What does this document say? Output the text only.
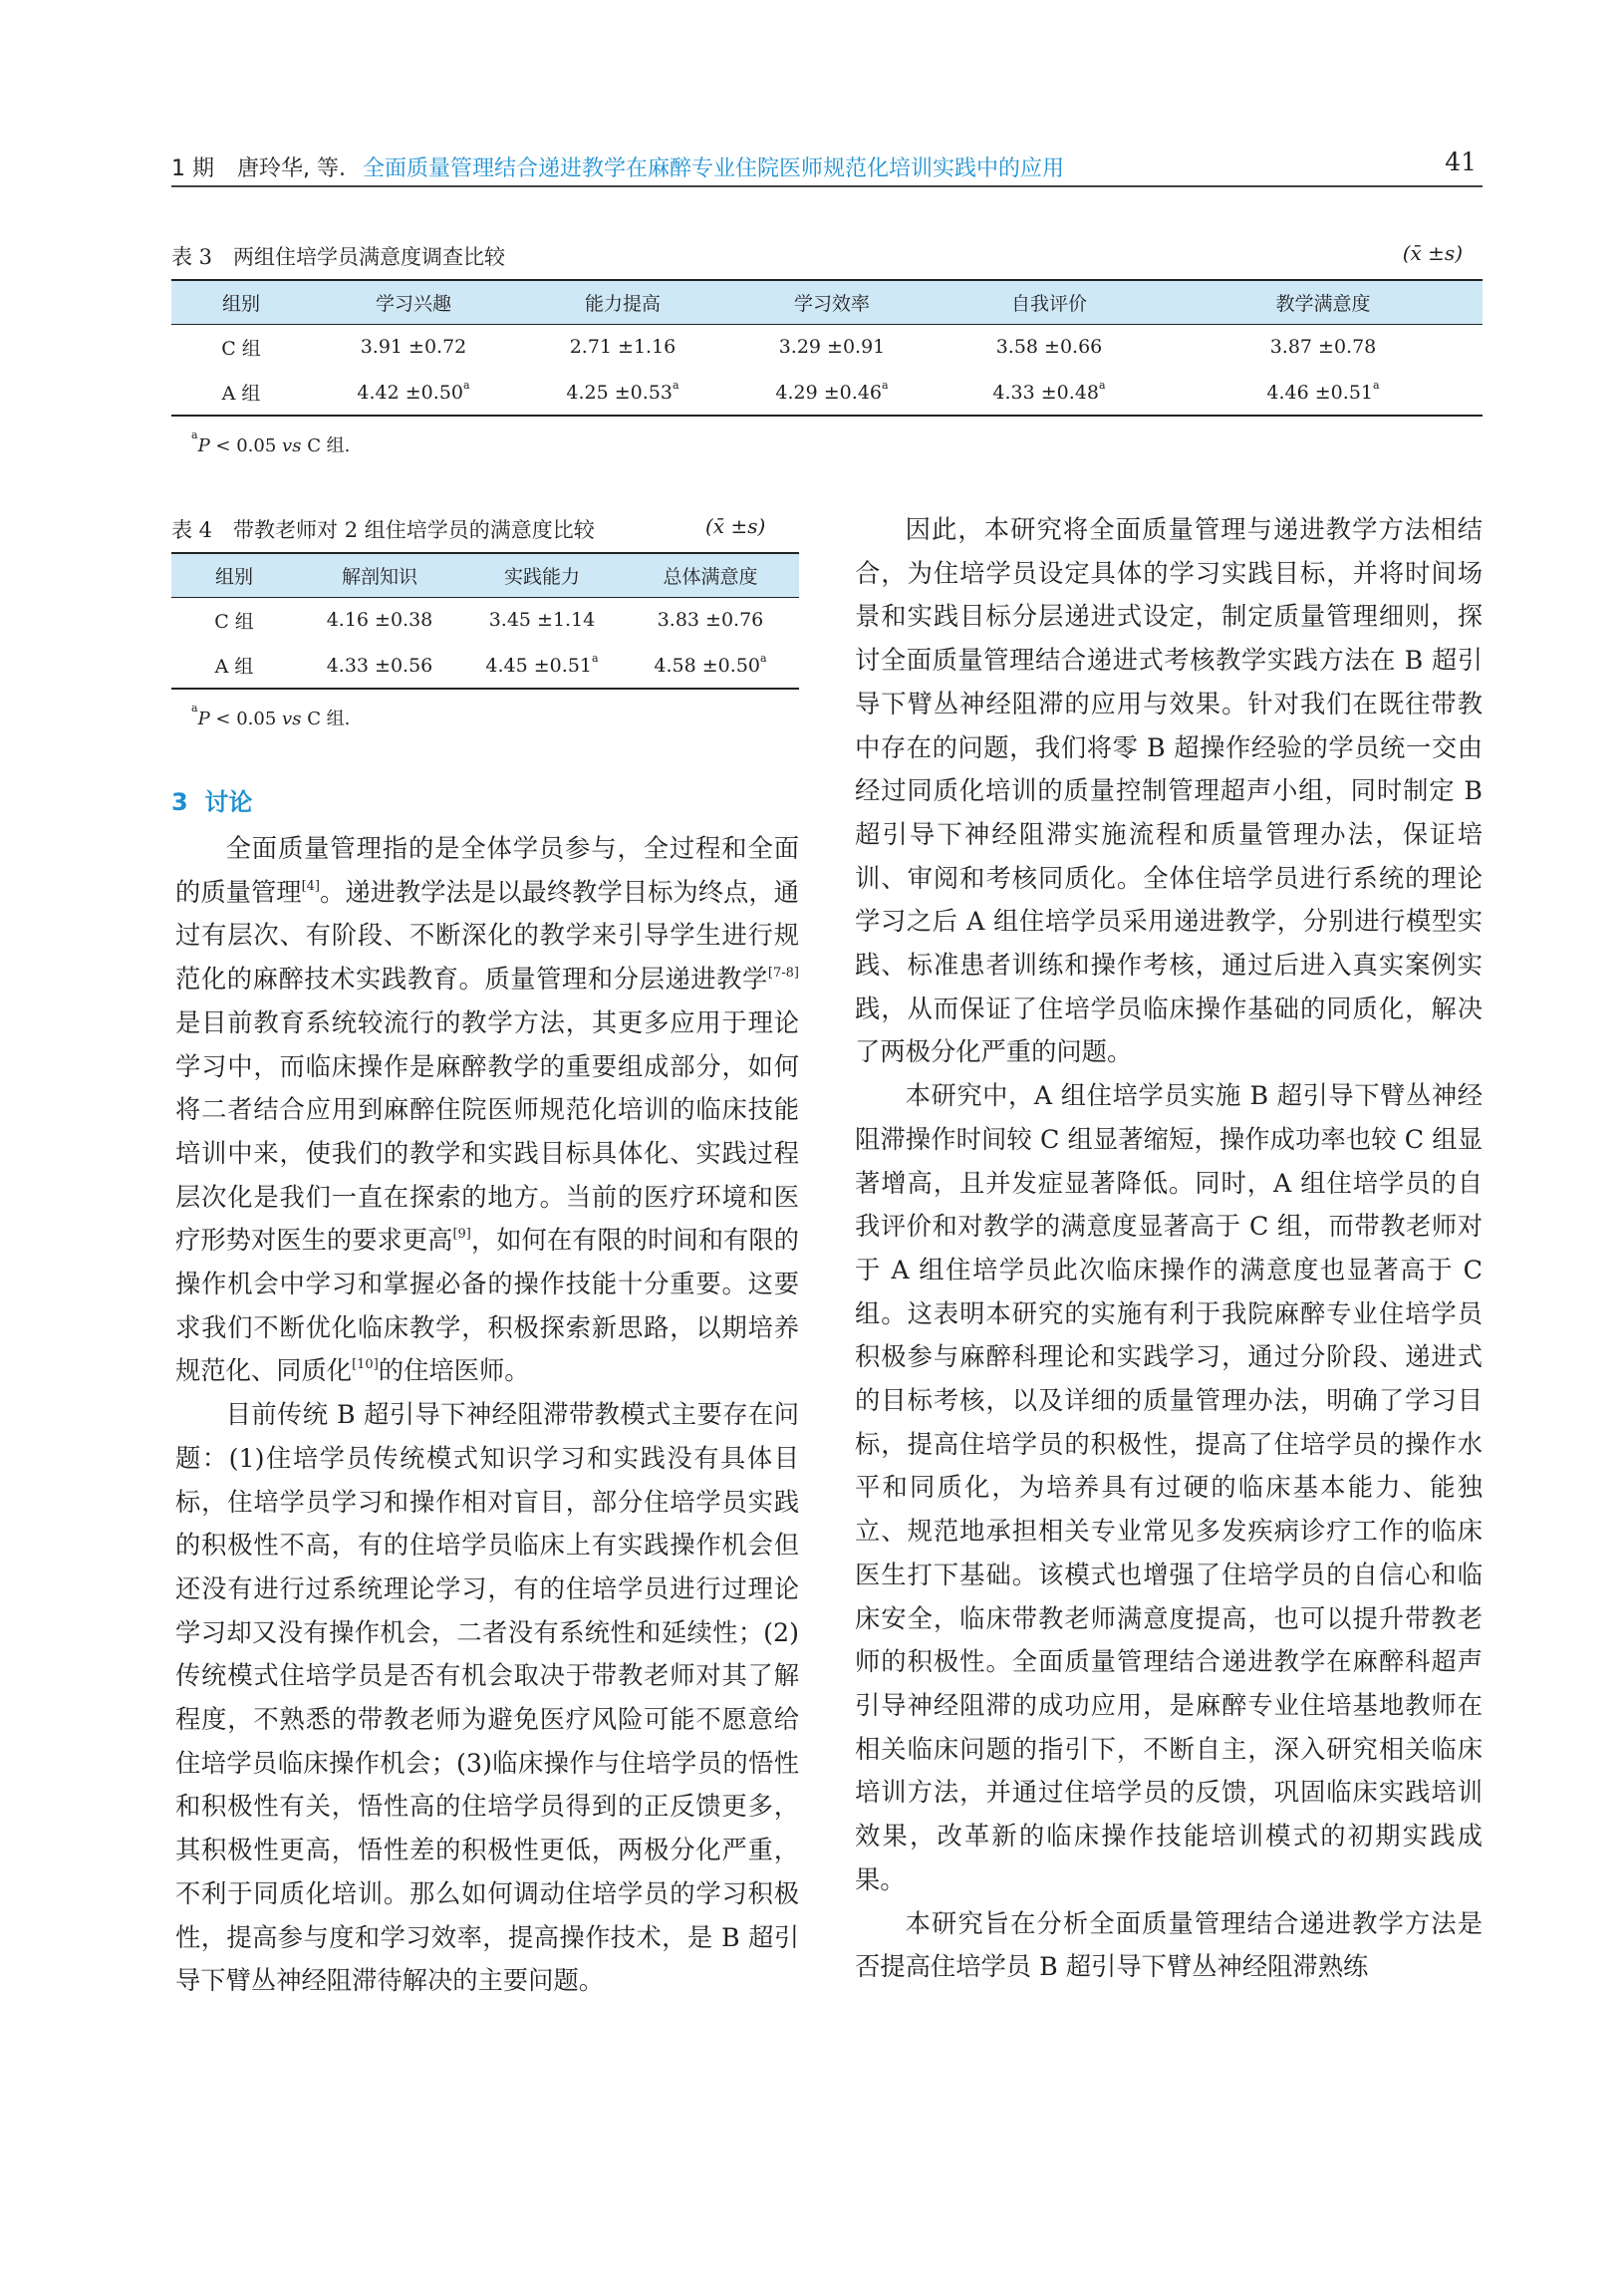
1 期 唐玲华, 等. 全面质量管理结合递进教学在麻醉专业住院医师规范化培训实践中的应用	41
表 3　两组住培学员满意度调查比较	(x̄ ±s)
组别	学习兴趣	能力提高	学习效率	自我评价	教学满意度
C 组	3.91 ±0.72	2.71 ±1.16	3.29 ±0.91	3.58 ±0.66	3.87 ±0.78
A 组	4.42 ±0.50$^a$	4.25 ±0.53$^a$	4.29 ±0.46$^a$	4.33 ±0.48$^a$	4.46 ±0.51$^a$
$^a$P < 0.05 vs C 组.
表 4　带教老师对 2 组住培学员的满意度比较	(x̄ ±s)
组别	解剖知识	实践能力	总体满意度
C 组	4.16 ±0.38	3.45 ±1.14	3.83 ±0.76
A 组	4.33 ±0.56	4.45 ±0.51$^a$	4.58 ±0.50$^a$
$^a$P < 0.05 vs C 组.
3 讨论

全面质量管理指的是全体学员参与，全过程和全面的质量管理[4]。递进教学法是以最终教学目标为终点，通过有层次、有阶段、不断深化的教学来引导学生进行规范化的麻醉技术实践教育。质量管理和分层递进教学[7-8]是目前教育系统较流行的教学方法，其更多应用于理论学习中，而临床操作是麻醉教学的重要组成部分，如何将二者结合应用到麻醉住院医师规范化培训的临床技能培训中来，使我们的教学和实践目标具体化、实践过程层次化是我们一直在探索的地方。当前的医疗环境和医疗形势对医生的要求更高[9]，如何在有限的时间和有限的操作机会中学习和掌握必备的操作技能十分重要。这要求我们不断优化临床教学，积极探索新思路，以期培养规范化、同质化[10]的住培医师。

目前传统 B 超引导下神经阻滞带教模式主要存在问题：(1)住培学员传统模式知识学习和实践没有具体目标，住培学员学习和操作相对盲目，部分住培学员实践的积极性不高，有的住培学员临床上有实践操作机会但还没有进行过系统理论学习，有的住培学员进行过理论学习却又没有操作机会，二者没有系统性和延续性；(2)传统模式住培学员是否有机会取决于带教老师对其了解程度，不熟悉的带教老师为避免医疗风险可能不愿意给住培学员临床操作机会；(3)临床操作与住培学员的悟性和积极性有关，悟性高的住培学员得到的正反馈更多，其积极性更高，悟性差的积极性更低，两极分化严重，不利于同质化培训。那么如何调动住培学员的学习积极性，提高参与度和学习效率，提高操作技术，是 B 超引导下臂丛神经阻滞待解决的主要问题。

因此，本研究将全面质量管理与递进教学方法相结合，为住培学员设定具体的学习实践目标，并将时间场景和实践目标分层递进式设定，制定质量管理细则，探讨全面质量管理结合递进式考核教学实践方法在 B 超引导下臂丛神经阻滞的应用与效果。针对我们在既往带教中存在的问题，我们将零 B 超操作经验的学员统一交由经过同质化培训的质量控制管理超声小组，同时制定 B 超引导下神经阻滞实施流程和质量管理办法，保证培训、审阅和考核同质化。全体住培学员进行系统的理论学习之后 A 组住培学员采用递进教学，分别进行模型实践、标准患者训练和操作考核，通过后进入真实案例实践，从而保证了住培学员临床操作基础的同质化，解决了两极分化严重的问题。

本研究中，A 组住培学员实施 B 超引导下臂丛神经阻滞操作时间较 C 组显著缩短，操作成功率也较 C 组显著增高，且并发症显著降低。同时，A 组住培学员的自我评价和对教学的满意度显著高于 C 组，而带教老师对于 A 组住培学员此次临床操作的满意度也显著高于 C 组。这表明本研究的实施有利于我院麻醉专业住培学员积极参与麻醉科理论和实践学习，通过分阶段、递进式的目标考核，以及详细的质量管理办法，明确了学习目标，提高住培学员的积极性，提高了住培学员的操作水平和同质化，为培养具有过硬的临床基本能力、能独立、规范地承担相关专业常见多发疾病诊疗工作的临床医生打下基础。该模式也增强了住培学员的自信心和临床安全，临床带教老师满意度提高，也可以提升带教老师的积极性。全面质量管理结合递进教学在麻醉科超声引导神经阻滞的成功应用，是麻醉专业住培基地教师在相关临床问题的指引下，不断自主，深入研究相关临床培训方法，并通过住培学员的反馈，巩固临床实践培训效果，改革新的临床操作技能培训模式的初期实践成果。

本研究旨在分析全面质量管理结合递进教学方法是否提高住培学员 B 超引导下臂丛神经阻滞熟练
